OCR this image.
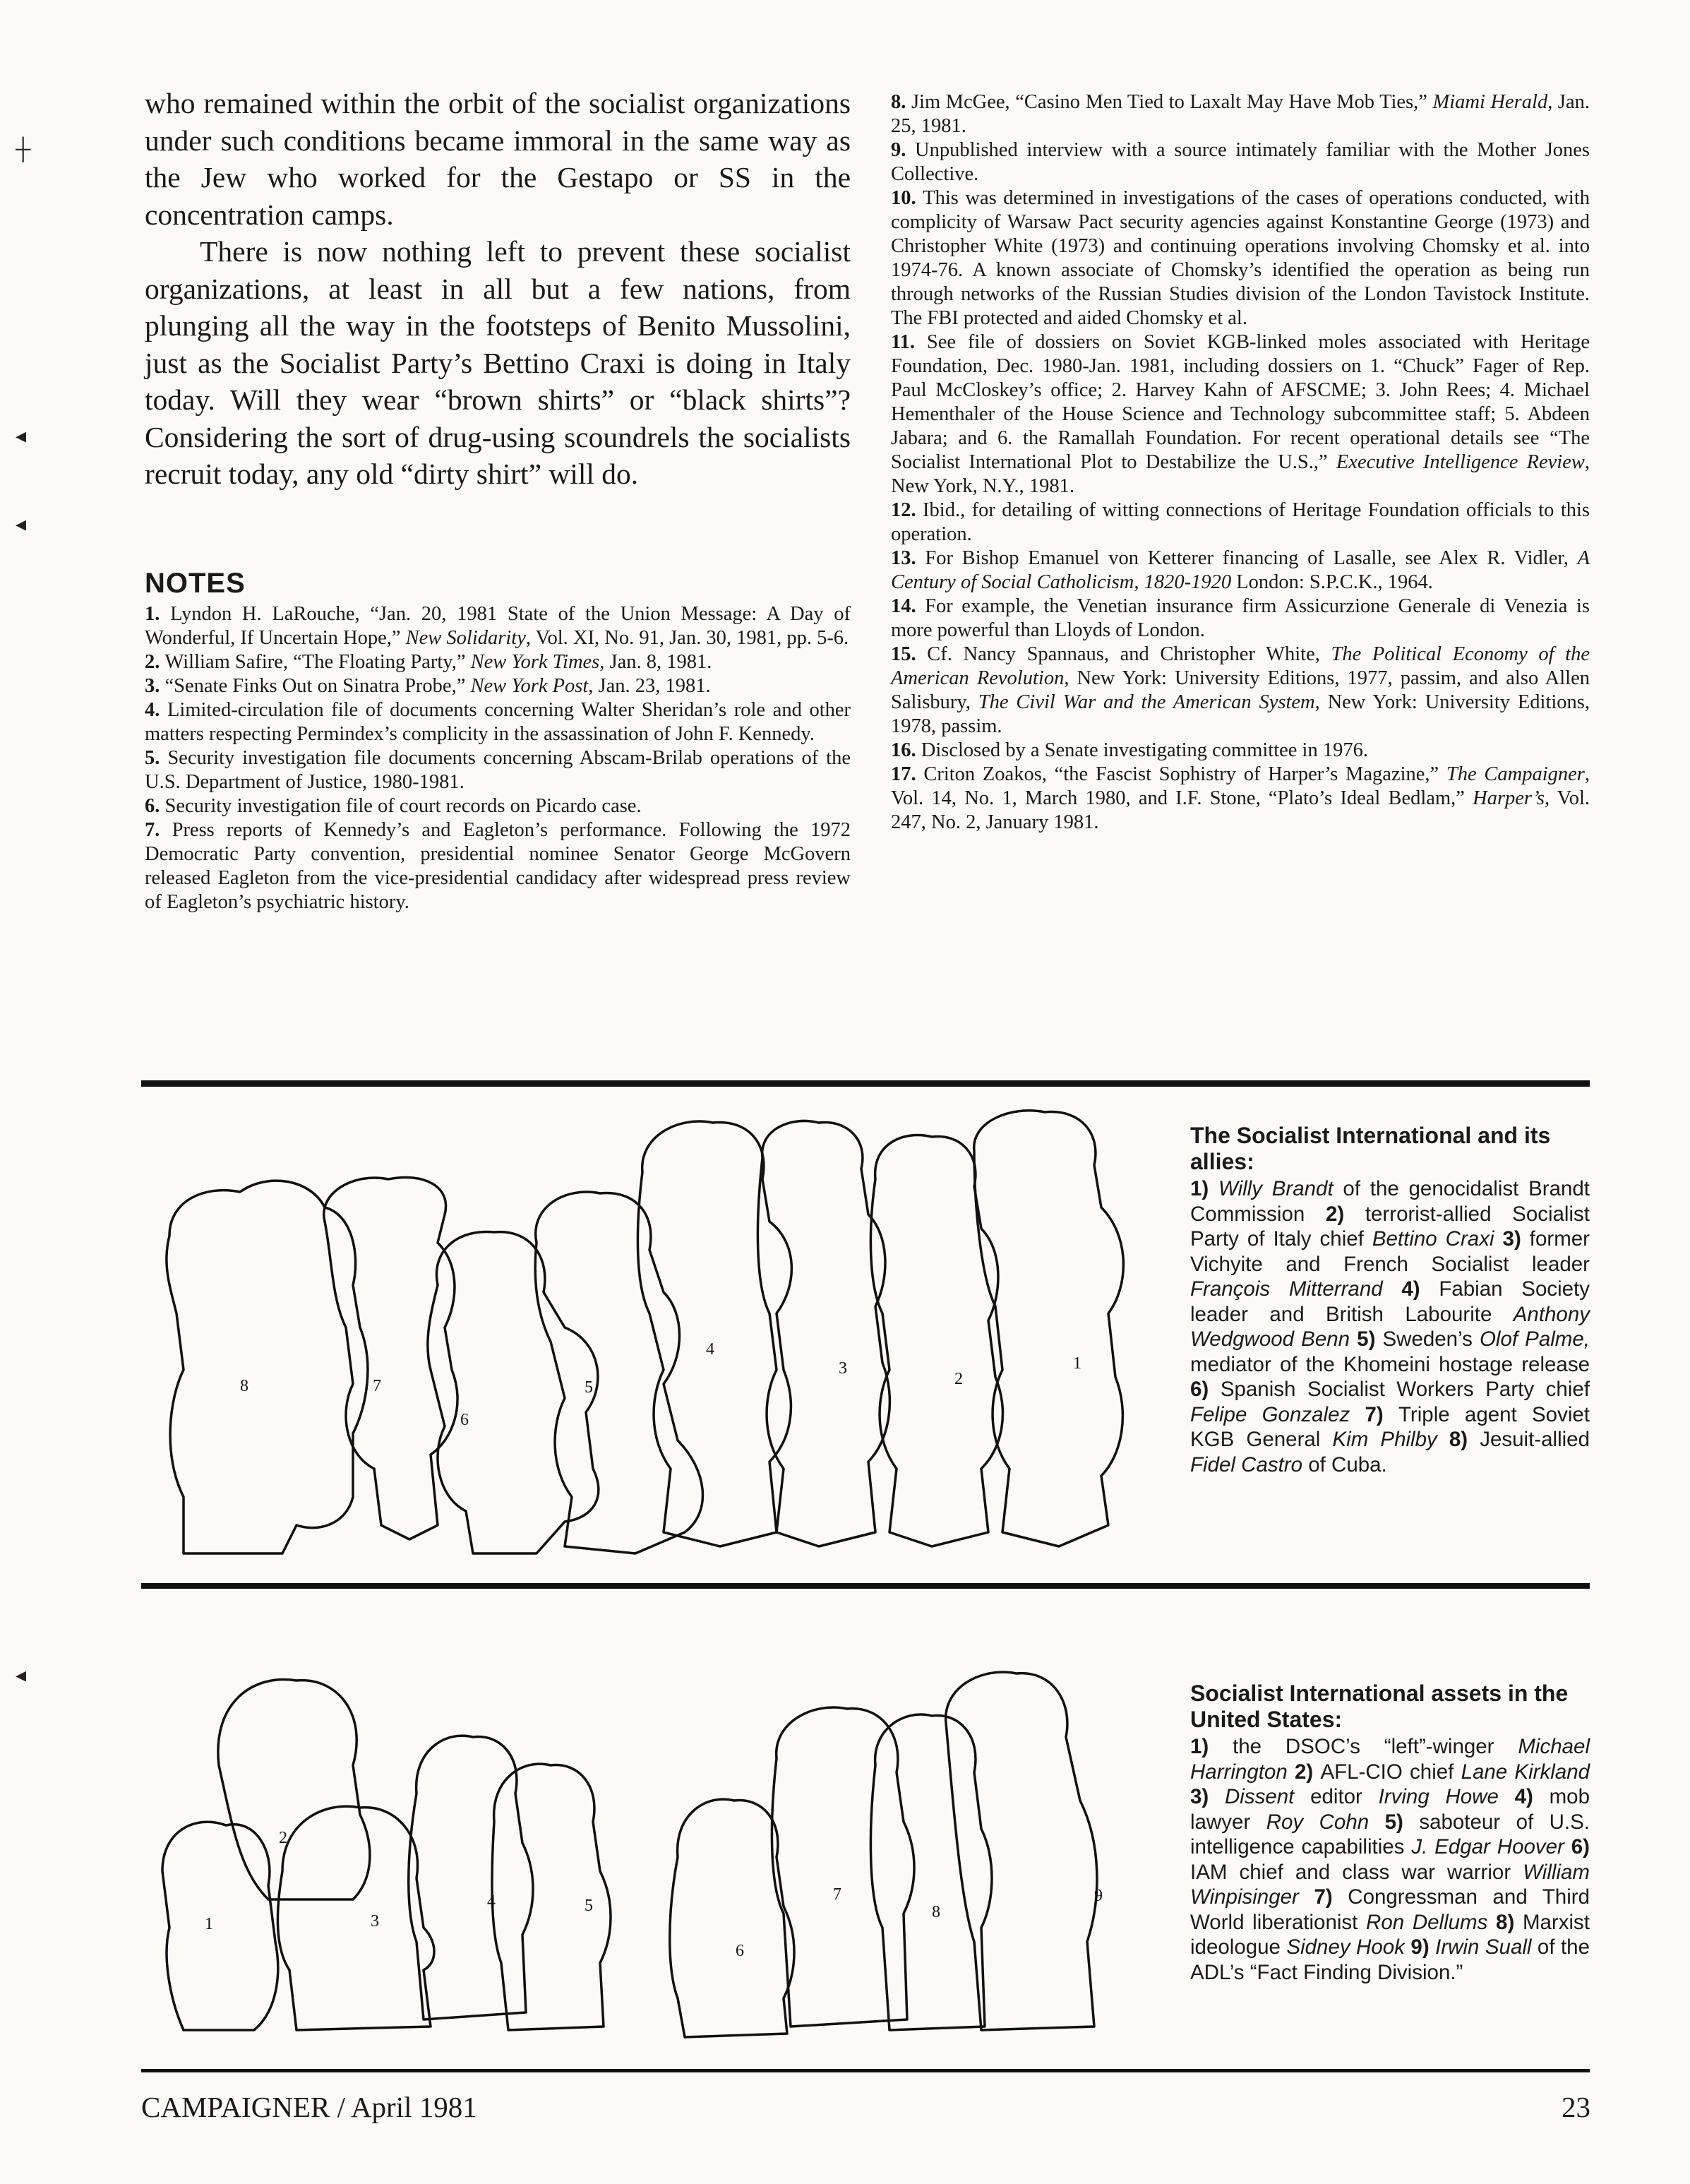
who remained within the orbit of the socialist organizations under such conditions became immoral in the same way as the Jew who worked for the Gestapo or SS in the concentration camps.

There is now nothing left to prevent these socialist organizations, at least in all but a few nations, from plunging all the way in the footsteps of Benito Mussolini, just as the Socialist Party’s Bettino Craxi is doing in Italy today. Will they wear “brown shirts” or “black shirts”? Considering the sort of drug-using scoundrels the socialists recruit today, any old “dirty shirt” will do.

NOTES

1. Lyndon H. LaRouche, “Jan. 20, 1981 State of the Union Message: A Day of Wonderful, If Uncertain Hope,” New Solidarity, Vol. XI, No. 91, Jan. 30, 1981, pp. 5-6.

2. William Safire, “The Floating Party,” New York Times, Jan. 8, 1981.

3. “Senate Finks Out on Sinatra Probe,” New York Post, Jan. 23, 1981.

4. Limited-circulation file of documents concerning Walter Sheridan’s role and other matters respecting Permindex’s complicity in the assassination of John F. Kennedy.

5. Security investigation file documents concerning Abscam-Brilab operations of the U.S. Department of Justice, 1980-1981.

6. Security investigation file of court records on Picardo case.

7. Press reports of Kennedy’s and Eagleton’s performance. Following the 1972 Democratic Party convention, presidential nominee Senator George McGovern released Eagleton from the vice-presidential candidacy after widespread press review of Eagleton’s psychiatric history.

8. Jim McGee, “Casino Men Tied to Laxalt May Have Mob Ties,” Miami Herald, Jan. 25, 1981.

9. Unpublished interview with a source intimately familiar with the Mother Jones Collective.

10. This was determined in investigations of the cases of operations conducted, with complicity of Warsaw Pact security agencies against Konstantine George (1973) and Christopher White (1973) and continuing operations involving Chomsky et al. into 1974-76. A known associate of Chomsky’s identified the operation as being run through networks of the Russian Studies division of the London Tavistock Institute. The FBI protected and aided Chomsky et al.

11. See file of dossiers on Soviet KGB-linked moles associated with Heritage Foundation, Dec. 1980-Jan. 1981, including dossiers on 1. “Chuck” Fager of Rep. Paul McCloskey’s office; 2. Harvey Kahn of AFSCME; 3. John Rees; 4. Michael Hementhaler of the House Science and Technology subcommittee staff; 5. Abdeen Jabara; and 6. the Ramallah Foundation. For recent operational details see “The Socialist International Plot to Destabilize the U.S.,” Executive Intelligence Review, New York, N.Y., 1981.

12. Ibid., for detailing of witting connections of Heritage Foundation officials to this operation.

13. For Bishop Emanuel von Ketterer financing of Lasalle, see Alex R. Vidler, A Century of Social Catholicism, 1820-1920 London: S.P.C.K., 1964.

14. For example, the Venetian insurance firm Assicurzione Generale di Venezia is more powerful than Lloyds of London.

15. Cf. Nancy Spannaus, and Christopher White, The Political Economy of the American Revolution, New York: University Editions, 1977, passim, and also Allen Salisbury, The Civil War and the American System, New York: University Editions, 1978, passim.

16. Disclosed by a Senate investigating committee in 1976.

17. Criton Zoakos, “the Fascist Sophistry of Harper’s Magazine,” The Campaigner, Vol. 14, No. 1, March 1980, and I.F. Stone, “Plato’s Ideal Bedlam,” Harper’s, Vol. 247, No. 2, January 1981.

8	7
6
5
4
3
2
1

The Socialist International and its allies:

1) Willy Brandt of the genocidalist Brandt Commission 2) terrorist-allied Socialist Party of Italy chief Bettino Craxi 3) former Vichyite and French Socialist leader François Mitterrand 4) Fabian Society leader and British Labourite Anthony Wedgwood Benn 5) Sweden’s Olof Palme, mediator of the Khomeini hostage release 6) Spanish Socialist Workers Party chief Felipe Gonzalez 7) Triple agent Soviet KGB General Kim Philby 8) Jesuit-allied Fidel Castro of Cuba.

1
2
3
4	5
6
7
8
9

Socialist International assets in the United States:

1) the DSOC’s “left”-winger Michael Harrington 2) AFL-CIO chief Lane Kirkland 3) Dissent editor Irving Howe 4) mob lawyer Roy Cohn 5) saboteur of U.S. intelligence capabilities J. Edgar Hoover 6) IAM chief and class war warrior William Winpisinger 7) Congressman and Third World liberationist Ron Dellums 8) Marxist ideologue Sidney Hook 9) Irwin Suall of the ADL’s “Fact Finding Division.”

CAMPAIGNER / April 1981	23
┼
◂
◂
◂
